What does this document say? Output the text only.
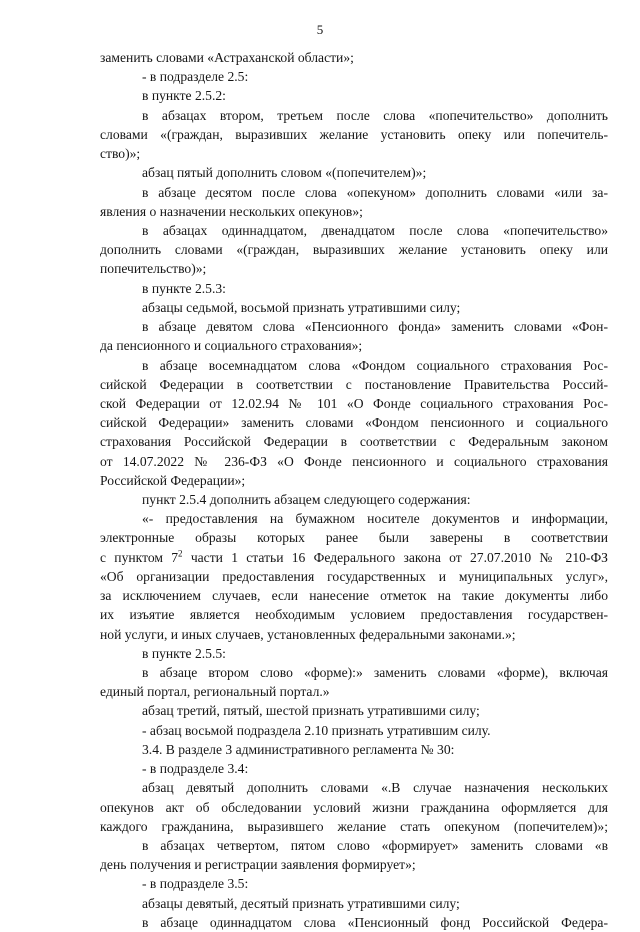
5
заменить словами «Астраханской области»;
- в подразделе 2.5:
в пункте 2.5.2:
в абзацах втором, третьем после слова «попечительство» дополнить
словами «(граждан, выразивших желание установить опеку или попечитель-
ство)»;
абзац пятый дополнить словом «(попечителем)»;
в абзаце десятом после слова «опекуном» дополнить словами «или за-
явления о назначении нескольких опекунов»;
в абзацах одиннадцатом, двенадцатом после слова «попечительство»
дополнить словами «(граждан, выразивших желание установить опеку или
попечительство)»;
в пункте 2.5.3:
абзацы седьмой, восьмой признать утратившими силу;
в абзаце девятом слова «Пенсионного фонда» заменить словами «Фон-
да пенсионного и социального страхования»;
в абзаце восемнадцатом слова «Фондом социального страхования Рос-
сийской Федерации в соответствии с постановление Правительства Россий-
ской Федерации от 12.02.94 № 101 «О Фонде социального страхования Рос-
сийской Федерации» заменить словами «Фондом пенсионного и социального
страхования Российской Федерации в соответствии с Федеральным законом
от 14.07.2022 № 236-ФЗ «О Фонде пенсионного и социального страхования
Российской Федерации»;
пункт 2.5.4 дополнить абзацем следующего содержания:
«- предоставления на бумажном носителе документов и информации,
электронные образы которых ранее были заверены в соответствии
с пунктом $7^2$ части 1 статьи 16 Федерального закона от 27.07.2010 № 210-ФЗ
«Об организации предоставления государственных и муниципальных услуг»,
за исключением случаев, если нанесение отметок на такие документы либо
их изъятие является необходимым условием предоставления государствен-
ной услуги, и иных случаев, установленных федеральными законами.»;
в пункте 2.5.5:
в абзаце втором слово «форме):» заменить словами «форме), включая
единый портал, региональный портал.»
абзац третий, пятый, шестой признать утратившими силу;
- абзац восьмой подраздела 2.10 признать утратившим силу.
3.4. В разделе 3 административного регламента № 30:
- в подразделе 3.4:
абзац девятый дополнить словами «.В случае назначения нескольких
опекунов акт об обследовании условий жизни гражданина оформляется для
каждого гражданина, выразившего желание стать опекуном (попечителем)»;
в абзацах четвертом, пятом слово «формирует» заменить словами «в
день получения и регистрации заявления формирует»;
- в подразделе 3.5:
абзацы девятый, десятый признать утратившими силу;
в абзаце одиннадцатом слова «Пенсионный фонд Российской Федера-
